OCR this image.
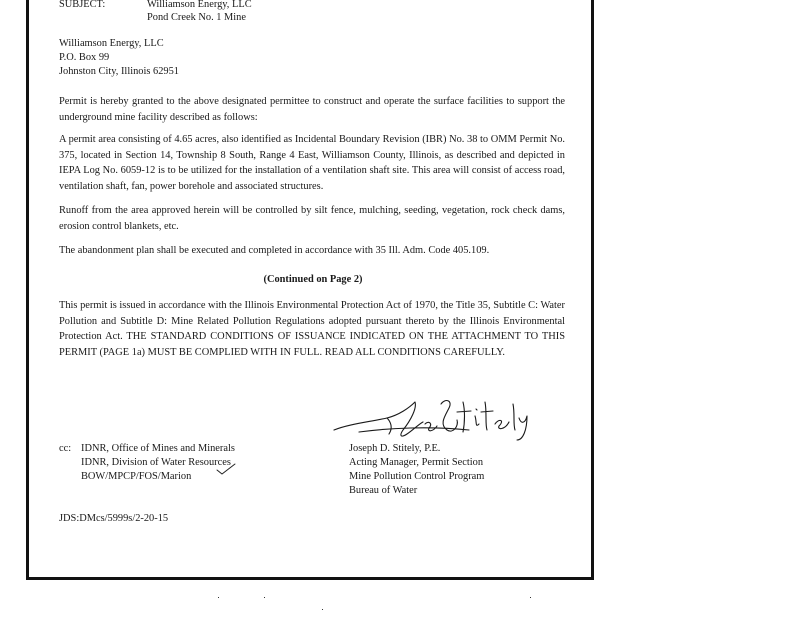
SUBJECT:	Williamson Energy, LLC
Pond Creek No. 1 Mine
Williamson Energy, LLC
P.O. Box 99
Johnston City, Illinois 62951
Permit is hereby granted to the above designated permittee to construct and operate the surface facilities to support the underground mine facility described as follows:
A permit area consisting of 4.65 acres, also identified as Incidental Boundary Revision (IBR) No. 38 to OMM Permit No. 375, located in Section 14, Township 8 South, Range 4 East, Williamson County, Illinois, as described and depicted in IEPA Log No. 6059-12 is to be utilized for the installation of a ventilation shaft site. This area will consist of access road, ventilation shaft, fan, power borehole and associated structures.
Runoff from the area approved herein will be controlled by silt fence, mulching, seeding, vegetation, rock check dams, erosion control blankets, etc.
The abandonment plan shall be executed and completed in accordance with 35 Ill. Adm. Code 405.109.
(Continued on Page 2)
This permit is issued in accordance with the Illinois Environmental Protection Act of 1970, the Title 35, Subtitle C: Water Pollution and Subtitle D: Mine Related Pollution Regulations adopted pursuant thereto by the Illinois Environmental Protection Act. THE STANDARD CONDITIONS OF ISSUANCE INDICATED ON THE ATTACHMENT TO THIS PERMIT (PAGE 1a) MUST BE COMPLIED WITH IN FULL. READ ALL CONDITIONS CAREFULLY.
cc: IDNR, Office of Mines and Minerals
IDNR, Division of Water Resources
BOW/MPCP/FOS/Marion
Joseph D. Stitely, P.E.
Acting Manager, Permit Section
Mine Pollution Control Program
Bureau of Water
JDS:DMcs/5999s/2-20-15
